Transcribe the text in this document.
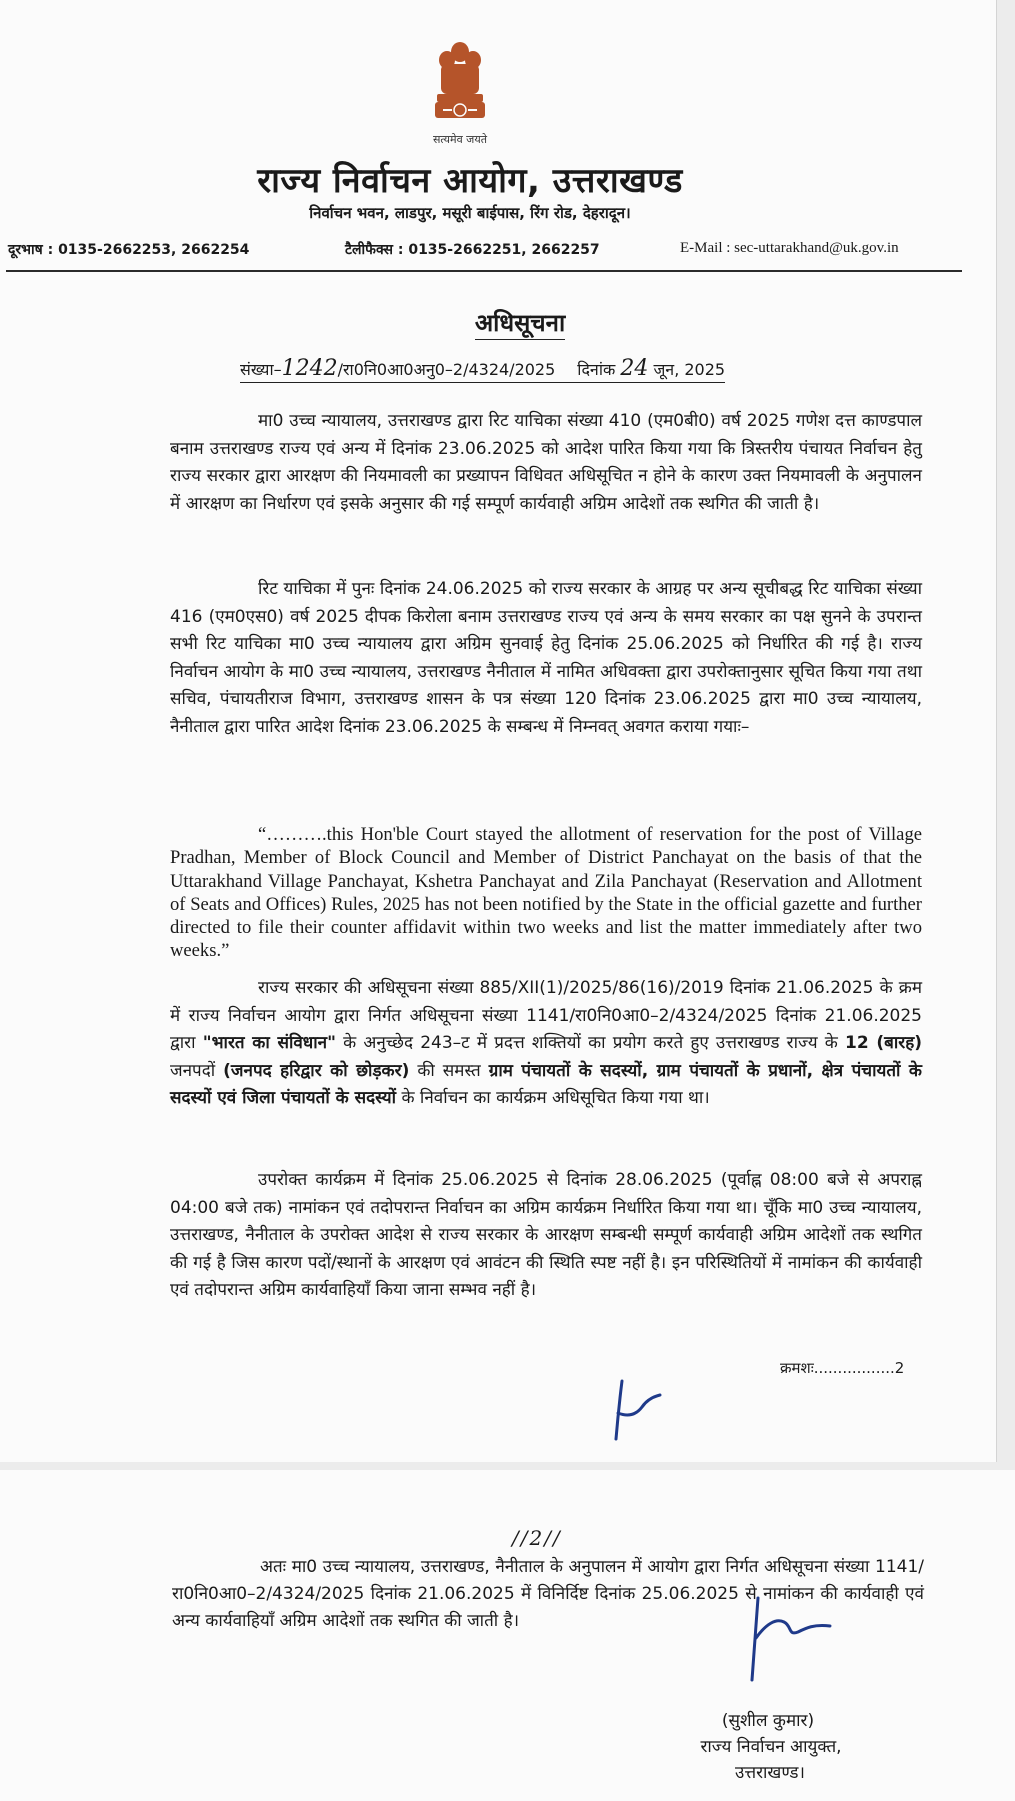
सत्यमेव जयते
राज्य निर्वाचन आयोग, उत्तराखण्ड
निर्वाचन भवन, लाडपुर, मसूरी बाईपास, रिंग रोड, देहरादून।
दूरभाष : 0135-2662253, 2662254	टैलीफैक्स : 0135-2662251, 2662257	E-Mail : sec-uttarakhand@uk.gov.in
अधिसूचना
संख्या–1242/रा0नि0आ0अनु0–2/4324/2025 दिनांक 24 जून, 2025

मा0 उच्च न्यायालय, उत्तराखण्ड द्वारा रिट याचिका संख्या 410 (एम0बी0) वर्ष 2025 गणेश दत्त काण्डपाल बनाम उत्तराखण्ड राज्य एवं अन्य में दिनांक 23.06.2025 को आदेश पारित किया गया कि त्रिस्तरीय पंचायत निर्वाचन हेतु राज्य सरकार द्वारा आरक्षण की नियमावली का प्रख्यापन विधिवत अधिसूचित न होने के कारण उक्त नियमावली के अनुपालन में आरक्षण का निर्धारण एवं इसके अनुसार की गई सम्पूर्ण कार्यवाही अग्रिम आदेशों तक स्थगित की जाती है।

रिट याचिका में पुनः दिनांक 24.06.2025 को राज्य सरकार के आग्रह पर अन्य सूचीबद्ध रिट याचिका संख्या 416 (एम0एस0) वर्ष 2025 दीपक किरोला बनाम उत्तराखण्ड राज्य एवं अन्य के समय सरकार का पक्ष सुनने के उपरान्त सभी रिट याचिका मा0 उच्च न्यायालय द्वारा अग्रिम सुनवाई हेतु दिनांक 25.06.2025 को निर्धारित की गई है। राज्य निर्वाचन आयोग के मा0 उच्च न्यायालय, उत्तराखण्ड नैनीताल में नामित अधिवक्ता द्वारा उपरोक्तानुसार सूचित किया गया तथा सचिव, पंचायतीराज विभाग, उत्तराखण्ड शासन के पत्र संख्या 120 दिनांक 23.06.2025 द्वारा मा0 उच्च न्यायालय, नैनीताल द्वारा पारित आदेश दिनांक 23.06.2025 के सम्बन्ध में निम्नवत् अवगत कराया गयाः–

“……….this Hon'ble Court stayed the allotment of reservation for the post of Village Pradhan, Member of Block Council and Member of District Panchayat on the basis of that the Uttarakhand Village Panchayat, Kshetra Panchayat and Zila Panchayat (Reservation and Allotment of Seats and Offices) Rules, 2025 has not been notified by the State in the official gazette and further directed to file their counter affidavit within two weeks and list the matter immediately after two weeks.”

राज्य सरकार की अधिसूचना संख्या 885/XII(1)/2025/86(16)/2019 दिनांक 21.06.2025 के क्रम में राज्य निर्वाचन आयोग द्वारा निर्गत अधिसूचना संख्या 1141/रा0नि0आ0–2/4324/2025 दिनांक 21.06.2025 द्वारा "भारत का संविधान" के अनुच्छेद 243–ट में प्रदत्त शक्तियों का प्रयोग करते हुए उत्तराखण्ड राज्य के 12 (बारह) जनपदों (जनपद हरिद्वार को छोड़कर) की समस्त ग्राम पंचायतों के सदस्यों, ग्राम पंचायतों के प्रधानों, क्षेत्र पंचायतों के सदस्यों एवं जिला पंचायतों के सदस्यों के निर्वाचन का कार्यक्रम अधिसूचित किया गया था।

उपरोक्त कार्यक्रम में दिनांक 25.06.2025 से दिनांक 28.06.2025 (पूर्वाह्न 08:00 बजे से अपराह्न 04:00 बजे तक) नामांकन एवं तदोपरान्त निर्वाचन का अग्रिम कार्यक्रम निर्धारित किया गया था। चूँकि मा0 उच्च न्यायालय, उत्तराखण्ड, नैनीताल के उपरोक्त आदेश से राज्य सरकार के आरक्षण सम्बन्धी सम्पूर्ण कार्यवाही अग्रिम आदेशों तक स्थगित की गई है जिस कारण पदों/स्थानों के आरक्षण एवं आवंटन की स्थिति स्पष्ट नहीं है। इन परिस्थितियों में नामांकन की कार्यवाही एवं तदोपरान्त अग्रिम कार्यवाहियॉं किया जाना सम्भव नहीं है।

क्रमशः.................2
//2//

अतः मा0 उच्च न्यायालय, उत्तराखण्ड, नैनीताल के अनुपालन में आयोग द्वारा निर्गत अधिसूचना संख्या 1141/रा0नि0आ0–2/4324/2025 दिनांक 21.06.2025 में विनिर्दिष्ट दिनांक 25.06.2025 से नामांकन की कार्यवाही एवं अन्य कार्यवाहियाँ अग्रिम आदेशों तक स्थगित की जाती है।

(सुशील कुमार)
राज्य निर्वाचन आयुक्त,
उत्तराखण्ड।
